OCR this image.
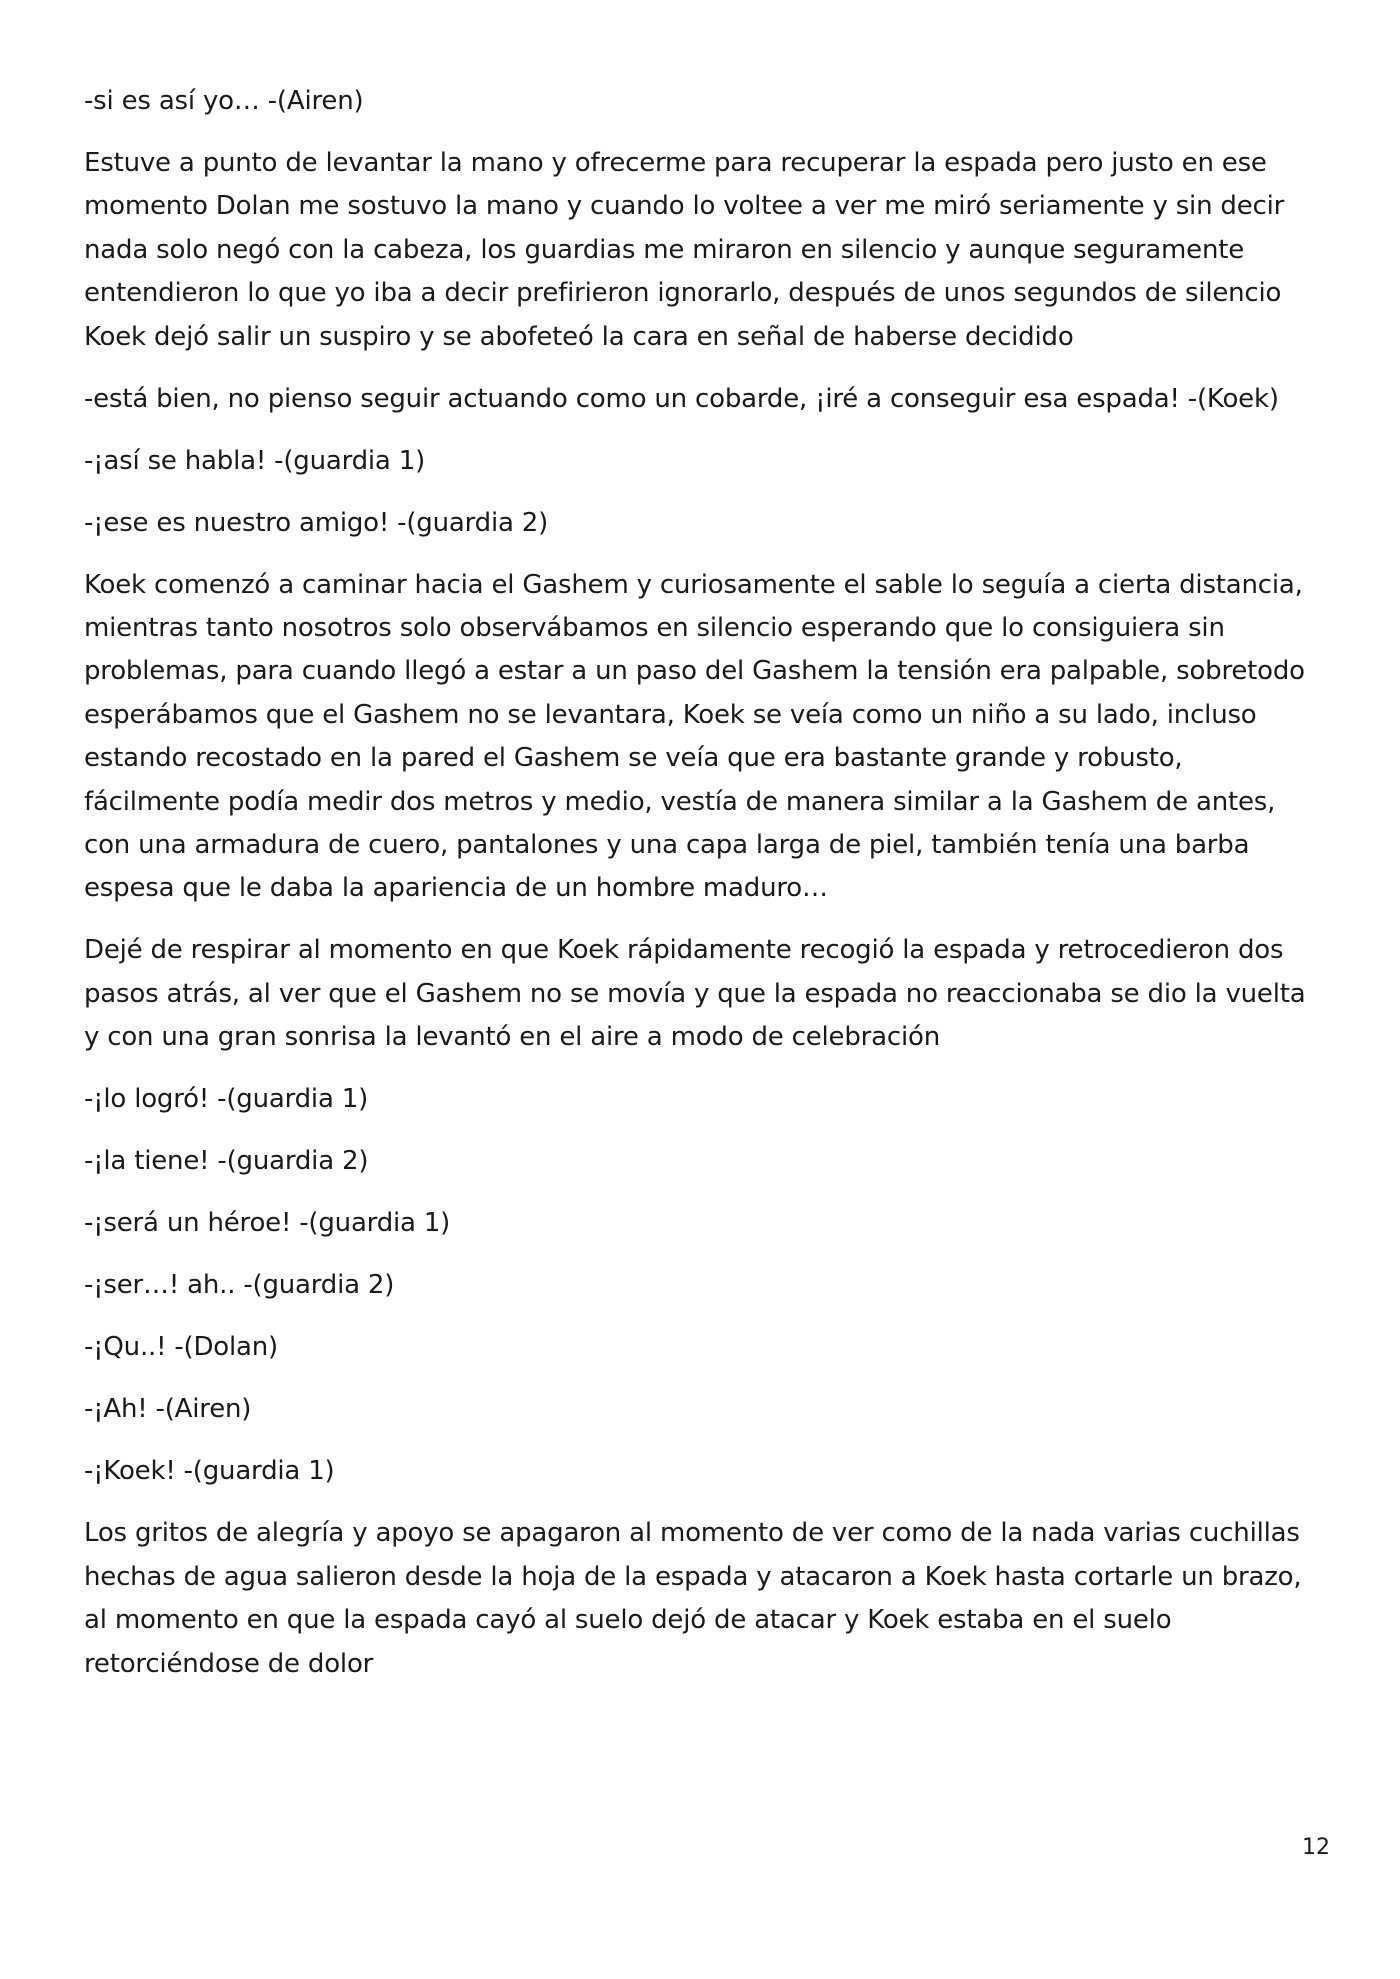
-si es así yo… -(Airen)

Estuve a punto de levantar la mano y ofrecerme para recuperar la espada pero justo en ese momento Dolan me sostuvo la mano y cuando lo voltee a ver me miró seriamente y sin decir nada solo negó con la cabeza, los guardias me miraron en silencio y aunque seguramente entendieron lo que yo iba a decir prefirieron ignorarlo, después de unos segundos de silencio Koek dejó salir un suspiro y se abofeteó la cara en señal de haberse decidido

-está bien, no pienso seguir actuando como un cobarde, ¡iré a conseguir esa espada! -(Koek)

-¡así se habla! -(guardia 1)

-¡ese es nuestro amigo! -(guardia 2)

Koek comenzó a caminar hacia el Gashem y curiosamente el sable lo seguía a cierta distancia, mientras tanto nosotros solo observábamos en silencio esperando que lo consiguiera sin problemas, para cuando llegó a estar a un paso del Gashem la tensión era palpable, sobretodo esperábamos que el Gashem no se levantara, Koek se veía como un niño a su lado, incluso estando recostado en la pared el Gashem se veía que era bastante grande y robusto, fácilmente podía medir dos metros y medio, vestía de manera similar a la Gashem de antes, con una armadura de cuero, pantalones y una capa larga de piel, también tenía una barba espesa que le daba la apariencia de un hombre maduro…

Dejé de respirar al momento en que Koek rápidamente recogió la espada y retrocedieron dos pasos atrás, al ver que el Gashem no se movía y que la espada no reaccionaba se dio la vuelta y con una gran sonrisa la levantó en el aire a modo de celebración

-¡lo logró! -(guardia 1)

-¡la tiene! -(guardia 2)

-¡será un héroe! -(guardia 1)

-¡ser…! ah.. -(guardia 2)

-¡Qu..! -(Dolan)

-¡Ah! -(Airen)

-¡Koek! -(guardia 1)

Los gritos de alegría y apoyo se apagaron al momento de ver como de la nada varias cuchillas hechas de agua salieron desde la hoja de la espada y atacaron a Koek hasta cortarle un brazo, al momento en que la espada cayó al suelo dejó de atacar y Koek estaba en el suelo retorciéndose de dolor

12
